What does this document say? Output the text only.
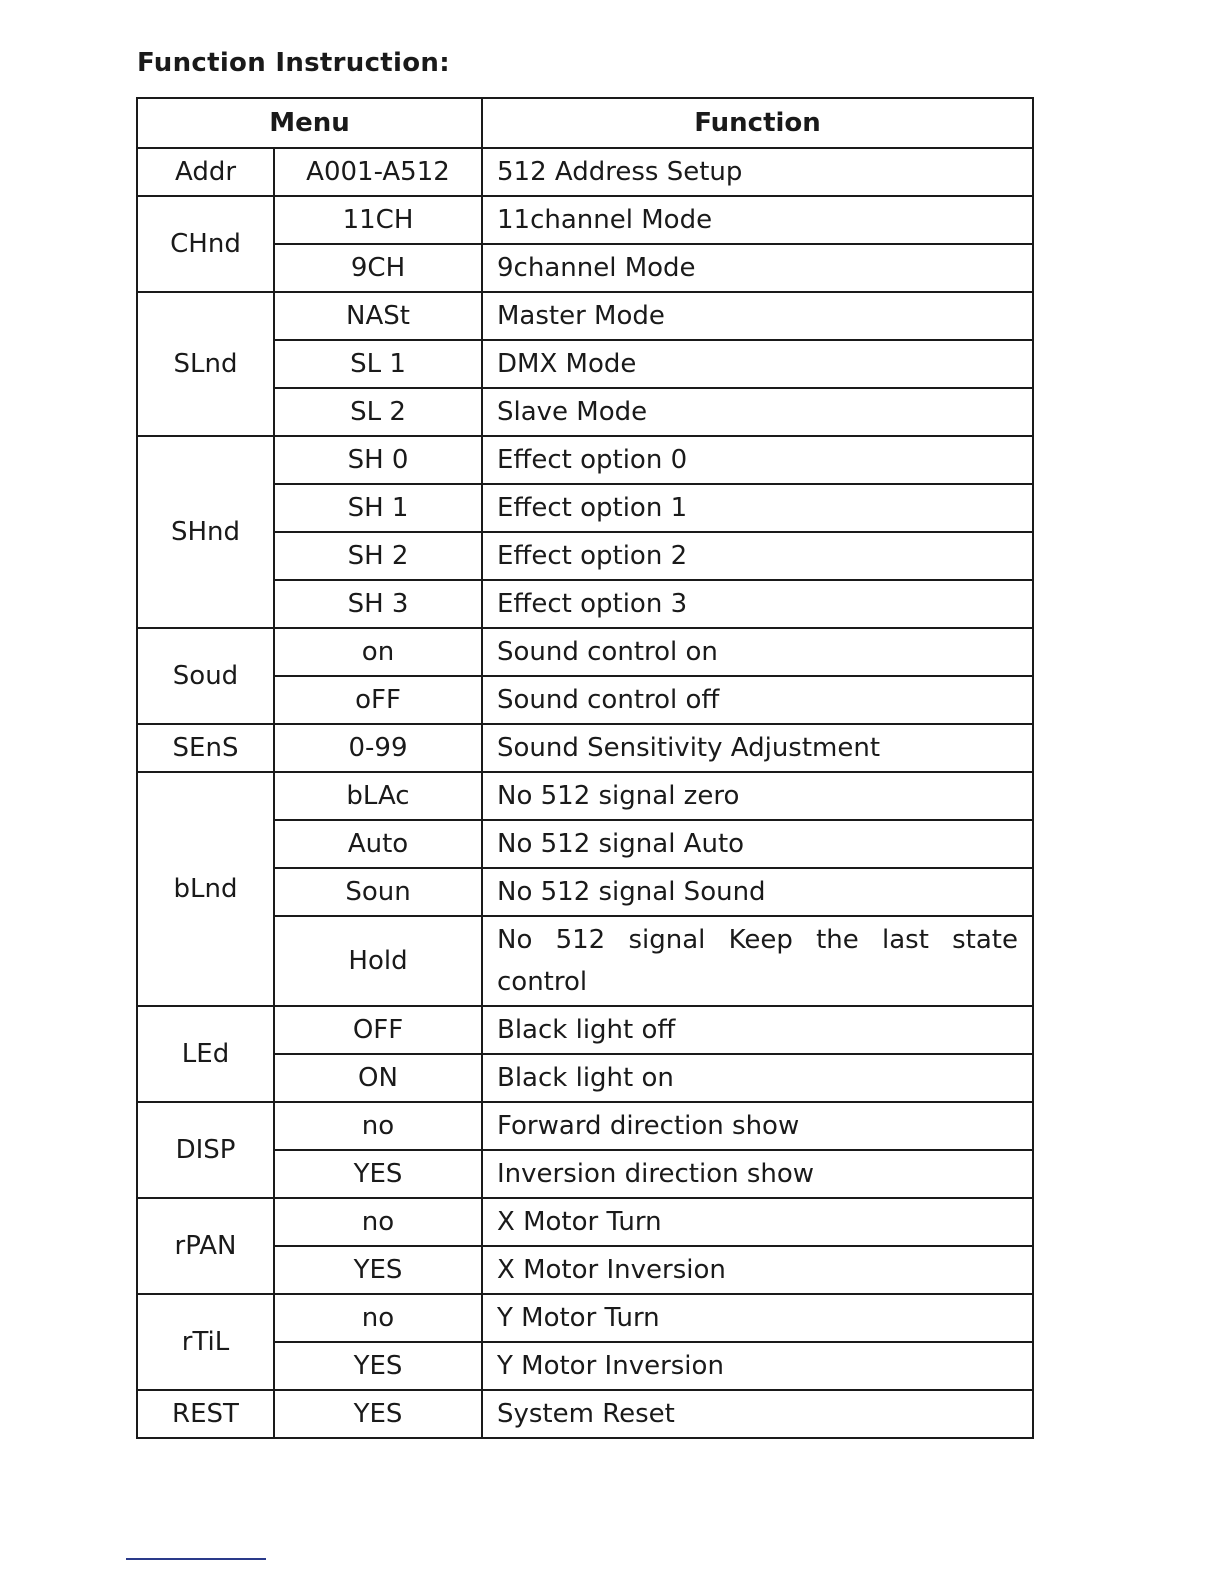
Function Instruction:
Menu		Function
Addr	A001-A512	512 Address Setup
CHnd	11CH	11channel Mode
	9CH	9channel Mode
SLnd	NASt	Master Mode
	SL 1	DMX Mode
	SL 2	Slave Mode
SHnd	SH 0	Effect option 0
	SH 1	Effect option 1
	SH 2	Effect option 2
	SH 3	Effect option 3
Soud	on	Sound control on
	oFF	Sound control off
SEnS	0-99	Sound Sensitivity Adjustment
bLnd	bLAc	No 512 signal zero
	Auto	No 512 signal Auto
	Soun	No 512 signal Sound
	Hold	No 512 signal Keep the last state control
LEd	OFF	Black light off
	ON	Black light on
DISP	no	Forward direction show
	YES	Inversion direction show
rPAN	no	X Motor Turn
	YES	X Motor Inversion
rTiL	no	Y Motor Turn
	YES	Y Motor Inversion
REST	YES	System Reset
